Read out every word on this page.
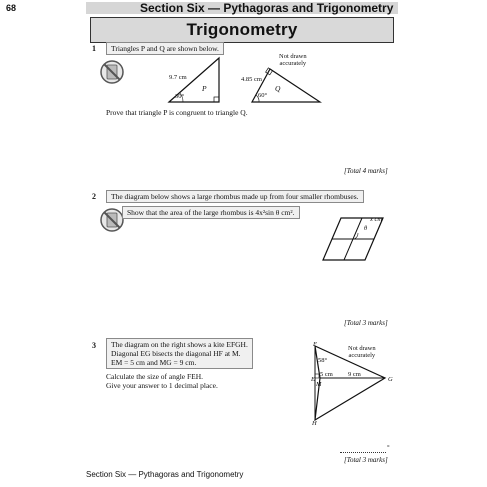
68	Section Six — Pythagoras and Trigonometry
Trigonometry
1	Triangles P and Q are shown below.
9.7 cm
30°
P
4.85 cm
60°
Q
Not drawn
accurately
Prove that triangle P is congruent to triangle Q.
[Total 4 marks]
2	The diagram below shows a large rhombus made up from four smaller rhombuses.
Show that the area of the large rhombus is 4x²sin θ cm².
x cm
θ
[Total 3 marks]
3 The diagram on the right shows a kite EFGH.
Diagonal EG bisects the diagonal HF at M.
EM = 5 cm and MG = 9 cm.
Calculate the size of angle FEH.
Give your answer to 1 decimal place.
F
E	G
H
M
58°
5 cm 9 cm
Not drawn
accurately
°
[Total 3 marks]
Section Six — Pythagoras and Trigonometry
